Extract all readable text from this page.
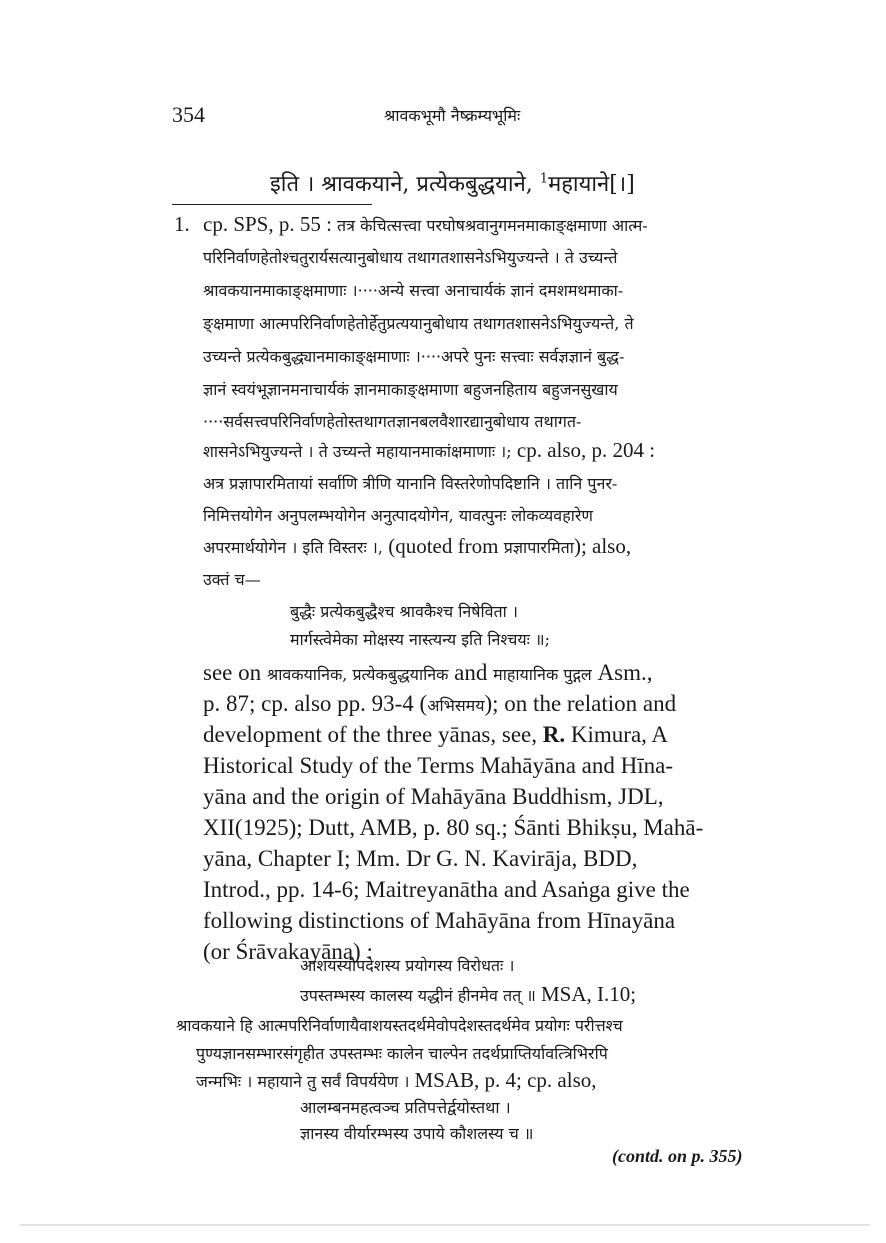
354	श्रावकभूमौ नैष्क्रम्यभूमिः
इति । श्रावकयाने, प्रत्येकबुद्धयाने, $^1$महायाने[।]
1. cp. SPS, p. 55 : तत्र केचित्सत्त्वा परघोषश्रवानुगमनमाकाङ्क्षमाणा आत्म-
परिनिर्वाणहेतोश्चतुरार्यसत्यानुबोधाय तथागतशासनेऽभियुज्यन्ते । ते उच्यन्ते
श्रावकयानमाकाङ्क्षमाणाः ।····अन्ये सत्त्वा अनाचार्यकं ज्ञानं दमशमथमाका-
ङ्क्षमाणा आत्मपरिनिर्वाणहेतोर्हेतुप्रत्ययानुबोधाय तथागतशासनेऽभियुज्यन्ते, ते
उच्यन्ते प्रत्येकबुद्ध्यानमाकाङ्क्षमाणाः ।····अपरे पुनः सत्त्वाः सर्वज्ञज्ञानं बुद्ध-
ज्ञानं स्वयंभूज्ञानमनाचार्यकं ज्ञानमाकाङ्क्षमाणा बहुजनहिताय बहुजनसुखाय
····सर्वसत्त्वपरिनिर्वाणहेतोस्तथागतज्ञानबलवैशारद्यानुबोधाय तथागत-
शासनेऽभियुज्यन्ते । ते उच्यन्ते महायानमाकांक्षमाणाः ।; cp. also, p. 204 :
अत्र प्रज्ञापारमितायां सर्वाणि त्रीणि यानानि विस्तरेणोपदिष्टानि । तानि पुनर-
निमित्तयोगेन अनुपलम्भयोगेन अनुत्पादयोगेन, यावत्पुनः लोकव्यवहारेण
अपरमार्थयोगेन । इति विस्तरः ।, (quoted from प्रज्ञापारमिता); also,
उक्तं च—
बुद्धैः प्रत्येकबुद्धैश्च श्रावकैश्च निषेविता ।
मार्गस्त्वेमेका मोक्षस्य नास्त्यन्य इति निश्चयः ॥;
see on श्रावकयानिक, प्रत्येकबुद्धयानिक and माहायानिक पुद्गल Asm.,
p. 87; cp. also pp. 93-4 (अभिसमय); on the relation and
development of the three yānas, see, R. Kimura, A
Historical Study of the Terms Mahāyāna and Hīna-
yāna and the origin of Mahāyāna Buddhism, JDL,
XII(1925); Dutt, AMB, p. 80 sq.; Śānti Bhikṣu, Mahā-
yāna, Chapter I; Mm. Dr G. N. Kavirāja, BDD,
Introd., pp. 14-6; Maitreyanātha and Asaṅga give the
following distinctions of Mahāyāna from Hīnayāna
(or Śrāvakayāna) :
आशयस्यौपदेशस्य प्रयोगस्य विरोधतः ।
उपस्तम्भस्य कालस्य यद्धीनं हीनमेव तत् ॥ MSA, I.10;
श्रावकयाने हि आत्मपरिनिर्वाणायैवाशयस्तदर्थमेवोपदेशस्तदर्थमेव प्रयोगः परीत्तश्च
पुण्यज्ञानसम्भारसंगृहीत उपस्तम्भः कालेन चाल्पेन तदर्थप्राप्तिर्यावत्त्रिभिरपि
जन्मभिः । महायाने तु सर्वं विपर्ययेण । MSAB, p. 4; cp. also,
आलम्बनमहत्वञ्च प्रतिपत्तेर्द्वयोस्तथा ।
ज्ञानस्य वीर्यारम्भस्य उपाये कौशलस्य च ॥
(contd. on p. 355)
